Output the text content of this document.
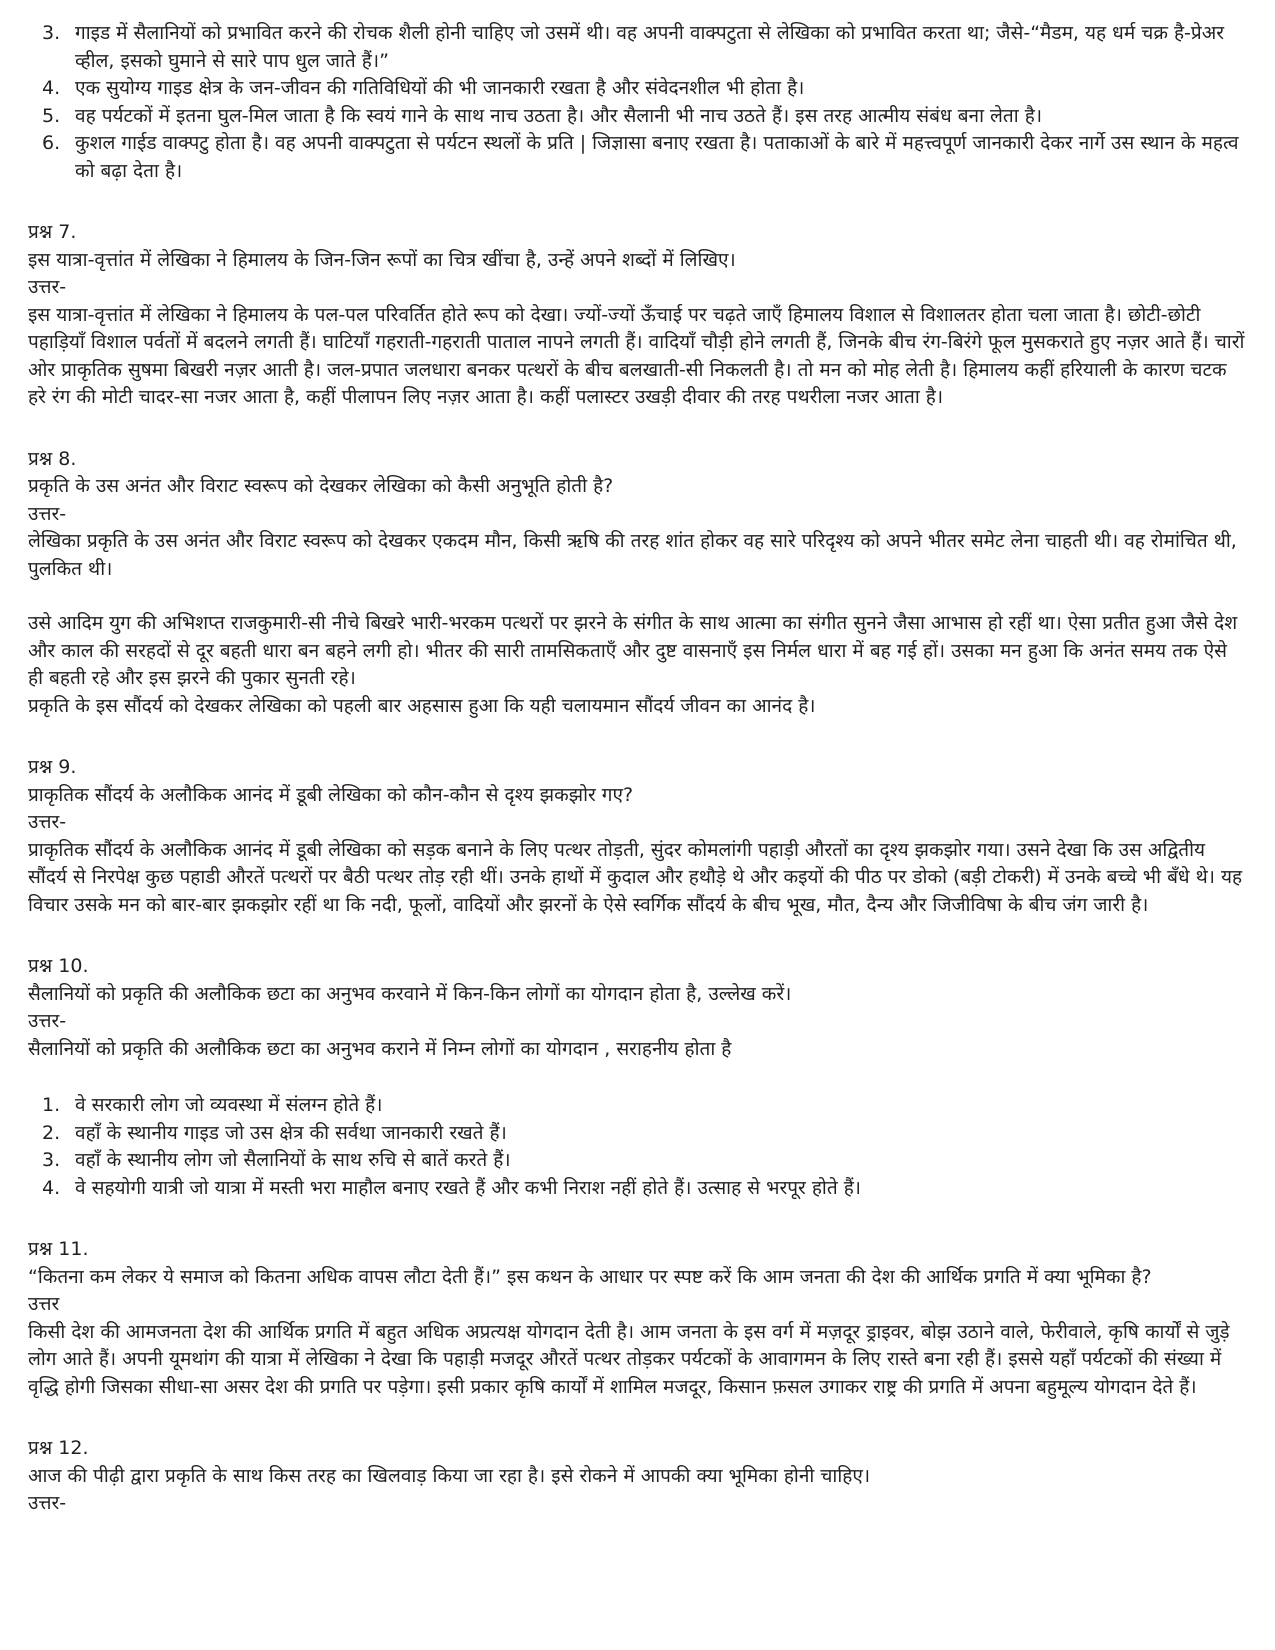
3. गाइड में सैलानियों को प्रभावित करने की रोचक शैली होनी चाहिए जो उसमें थी। वह अपनी वाक्पटुता से लेखिका को प्रभावित करता था; जैसे-“मैडम, यह धर्म चक्र है-प्रेअर व्हील, इसको घुमाने से सारे पाप धुल जाते हैं।”
4. एक सुयोग्य गाइड क्षेत्र के जन-जीवन की गतिविधियों की भी जानकारी रखता है और संवेदनशील भी होता है।
5. वह पर्यटकों में इतना घुल-मिल जाता है कि स्वयं गाने के साथ नाच उठता है। और सैलानी भी नाच उठते हैं। इस तरह आत्मीय संबंध बना लेता है।
6. कुशल गाईड वाक्पटु होता है। वह अपनी वाक्पटुता से पर्यटन स्थलों के प्रति | जिज्ञासा बनाए रखता है। पताकाओं के बारे में महत्त्वपूर्ण जानकारी देकर नार्गे उस स्थान के महत्व को बढ़ा देता है।
प्रश्न 7.
इस यात्रा-वृत्तांत में लेखिका ने हिमालय के जिन-जिन रूपों का चित्र खींचा है, उन्हें अपने शब्दों में लिखिए।
उत्तर-

इस यात्रा-वृत्तांत में लेखिका ने हिमालय के पल-पल परिवर्तित होते रूप को देखा। ज्यों-ज्यों ऊँचाई पर चढ़ते जाएँ हिमालय विशाल से विशालतर होता चला जाता है। छोटी-छोटी पहाड़ियाँ विशाल पर्वतों में बदलने लगती हैं। घाटियाँ गहराती-गहराती पाताल नापने लगती हैं। वादियाँ चौड़ी होने लगती हैं, जिनके बीच रंग-बिरंगे फूल मुसकराते हुए नज़र आते हैं। चारों ओर प्राकृतिक सुषमा बिखरी नज़र आती है। जल-प्रपात जलधारा बनकर पत्थरों के बीच बलखाती-सी निकलती है। तो मन को मोह लेती है। हिमालय कहीं हरियाली के कारण चटक हरे रंग की मोटी चादर-सा नजर आता है, कहीं पीलापन लिए नज़र आता है। कहीं पलास्टर उखड़ी दीवार की तरह पथरीला नजर आता है।

प्रश्न 8.
प्रकृति के उस अनंत और विराट स्वरूप को देखकर लेखिका को कैसी अनुभूति होती है?
उत्तर-

लेखिका प्रकृति के उस अनंत और विराट स्वरूप को देखकर एकदम मौन, किसी ऋषि की तरह शांत होकर वह सारे परिदृश्य को अपने भीतर समेट लेना चाहती थी। वह रोमांचित थी, पुलकित थी।

उसे आदिम युग की अभिशप्त राजकुमारी-सी नीचे बिखरे भारी-भरकम पत्थरों पर झरने के संगीत के साथ आत्मा का संगीत सुनने जैसा आभास हो रहीं था। ऐसा प्रतीत हुआ जैसे देश और काल की सरहदों से दूर बहती धारा बन बहने लगी हो। भीतर की सारी तामसिकताएँ और दुष्ट वासनाएँ इस निर्मल धारा में बह गई हों। उसका मन हुआ कि अनंत समय तक ऐसे ही बहती रहे और इस झरने की पुकार सुनती रहे।

प्रकृति के इस सौंदर्य को देखकर लेखिका को पहली बार अहसास हुआ कि यही चलायमान सौंदर्य जीवन का आनंद है।

प्रश्न 9.
प्राकृतिक सौंदर्य के अलौकिक आनंद में डूबी लेखिका को कौन-कौन से दृश्य झकझोर गए?
उत्तर-

प्राकृतिक सौंदर्य के अलौकिक आनंद में डूबी लेखिका को सड़क बनाने के लिए पत्थर तोड़ती, सुंदर कोमलांगी पहाड़ी औरतों का दृश्य झकझोर गया। उसने देखा कि उस अद्वितीय सौंदर्य से निरपेक्ष कुछ पहाडी औरतें पत्थरों पर बैठी पत्थर तोड़ रही थीं। उनके हाथों में कुदाल और हथौड़े थे और कइयों की पीठ पर डोको (बड़ी टोकरी) में उनके बच्चे भी बँधे थे। यह विचार उसके मन को बार-बार झकझोर रहीं था कि नदी, फूलों, वादियों और झरनों के ऐसे स्वर्गिक सौंदर्य के बीच भूख, मौत, दैन्य और जिजीविषा के बीच जंग जारी है।

प्रश्न 10.
सैलानियों को प्रकृति की अलौकिक छटा का अनुभव करवाने में किन-किन लोगों का योगदान होता है, उल्लेख करें।
उत्तर-

सैलानियों को प्रकृति की अलौकिक छटा का अनुभव कराने में निम्न लोगों का योगदान , सराहनीय होता है

1. वे सरकारी लोग जो व्यवस्था में संलग्न होते हैं।
2. वहाँ के स्थानीय गाइड जो उस क्षेत्र की सर्वथा जानकारी रखते हैं।
3. वहाँ के स्थानीय लोग जो सैलानियों के साथ रुचि से बातें करते हैं।
4. वे सहयोगी यात्री जो यात्रा में मस्ती भरा माहौल बनाए रखते हैं और कभी निराश नहीं होते हैं। उत्साह से भरपूर होते हैं।
प्रश्न 11.
“कितना कम लेकर ये समाज को कितना अधिक वापस लौटा देती हैं।” इस कथन के आधार पर स्पष्ट करें कि आम जनता की देश की आर्थिक प्रगति में क्या भूमिका है?
उत्तर

किसी देश की आमजनता देश की आर्थिक प्रगति में बहुत अधिक अप्रत्यक्ष योगदान देती है। आम जनता के इस वर्ग में मज़दूर ड्राइवर, बोझ उठाने वाले, फेरीवाले, कृषि कार्यों से जुड़े लोग आते हैं। अपनी यूमथांग की यात्रा में लेखिका ने देखा कि पहाड़ी मजदूर औरतें पत्थर तोड़कर पर्यटकों के आवागमन के लिए रास्ते बना रही हैं। इससे यहाँ पर्यटकों की संख्या में वृद्धि होगी जिसका सीधा-सा असर देश की प्रगति पर पड़ेगा। इसी प्रकार कृषि कार्यों में शामिल मजदूर, किसान फ़सल उगाकर राष्ट्र की प्रगति में अपना बहुमूल्य योगदान देते हैं।

प्रश्न 12.
आज की पीढ़ी द्वारा प्रकृति के साथ किस तरह का खिलवाड़ किया जा रहा है। इसे रोकने में आपकी क्या भूमिका होनी चाहिए।
उत्तर-
